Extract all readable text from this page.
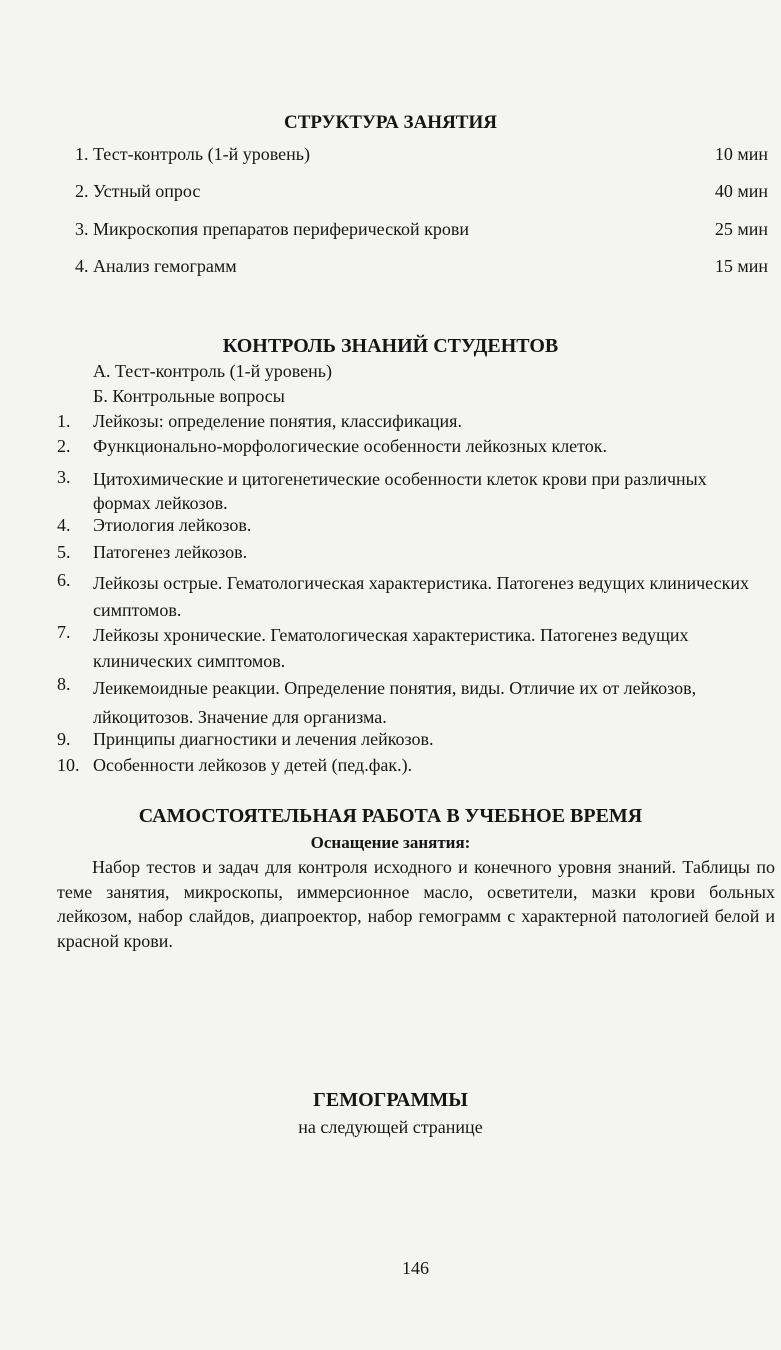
СТРУКТУРА ЗАНЯТИЯ
1. Тест-контроль (1-й уровень)	10 мин
2. Устный опрос	40 мин
3. Микроскопия препаратов периферической крови	25 мин
4. Анализ гемограмм	15 мин
КОНТРОЛЬ ЗНАНИЙ СТУДЕНТОВ
А. Тест-контроль (1-й уровень)
Б. Контрольные вопросы
1.	Лейкозы: определение понятия, классификация.
2.	Функционально-морфологические особенности лейкозных клеток.
3.	Цитохимические и цитогенетические особенности клеток крови при различных формах лейкозов.
4.	Этиология лейкозов.
5.	Патогенез лейкозов.
6.	Лейкозы острые. Гематологическая характеристика. Патогенез ведущих клинических симптомов.
7.	Лейкозы хронические. Гематологическая характеристика. Патогенез ведущих клинических симптомов.
8.	Леикемоидные реакции. Определение понятия, виды. Отличие их от лейкозов, лйкоцитозов. Значение для организма.
9.	Принципы диагностики и лечения лейкозов.
10. Особенности лейкозов у детей (пед.фак.).
САМОСТОЯТЕЛЬНАЯ РАБОТА В УЧЕБНОЕ ВРЕМЯ
Оснащение занятия:
Набор тестов и задач для контроля исходного и конечного уровня знаний. Таблицы по теме занятия, микроскопы, иммерсионное масло, осветители, мазки крови больных лейкозом, набор слайдов, диапроектор, набор гемограмм с характерной патологией белой и красной крови.
ГЕМОГРАММЫ
на следующей странице
146
